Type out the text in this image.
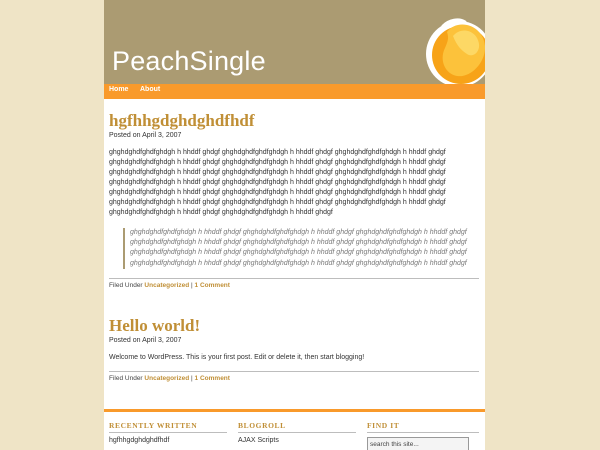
PeachSingle
Home About
hgfhhgdghdghdfhdf
Posted on April 3, 2007
ghghdghdfghdfghdgh h hhddf ghdgf ghghdghdfghdfghdgh h hhddf ghdgf ghghdghdfghdfghdgh h hhddf ghdgf
ghghdghdfghdfghdgh h hhddf ghdgf ghghdghdfghdfghdgh h hhddf ghdgf ghghdghdfghdfghdgh h hhddf ghdgf
ghghdghdfghdfghdgh h hhddf ghdgf ghghdghdfghdfghdgh h hhddf ghdgf ghghdghdfghdfghdgh h hhddf ghdgf
ghghdghdfghdfghdgh h hhddf ghdgf ghghdghdfghdfghdgh h hhddf ghdgf ghghdghdfghdfghdgh h hhddf ghdgf
ghghdghdfghdfghdgh h hhddf ghdgf ghghdghdfghdfghdgh h hhddf ghdgf ghghdghdfghdfghdgh h hhddf ghdgf
ghghdghdfghdfghdgh h hhddf ghdgf ghghdghdfghdfghdgh h hhddf ghdgf ghghdghdfghdfghdgh h hhddf ghdgf
ghghdghdfghdfghdgh h hhddf ghdgf ghghdghdfghdfghdgh h hhddf ghdgf
ghghdghdfghdfghdgh h hhddf ghdgf ghghdghdfghdfghdgh h hhddf ghdgf ghghdghdfghdfghdgh h hhddf ghdgf
ghghdghdfghdfghdgh h hhddf ghdgf ghghdghdfghdfghdgh h hhddf ghdgf ghghdghdfghdfghdgh h hhddf ghdgf
ghghdghdfghdfghdgh h hhddf ghdgf ghghdghdfghdfghdgh h hhddf ghdgf ghghdghdfghdfghdgh h hhddf ghdgf
ghghdghdfghdfghdgh h hhddf ghdgf ghghdghdfghdfghdgh h hhddf ghdgf ghghdghdfghdfghdgh h hhddf ghdgf
Filed Under Uncategorized | 1 Comment
Hello world!
Posted on April 3, 2007
Welcome to WordPress. This is your first post. Edit or delete it, then start blogging!
Filed Under Uncategorized | 1 Comment
RECENTLY WRITTEN
hgfhhgdghdghdfhdf
BLOGROLL
AJAX Scripts
FIND IT
search this site...
